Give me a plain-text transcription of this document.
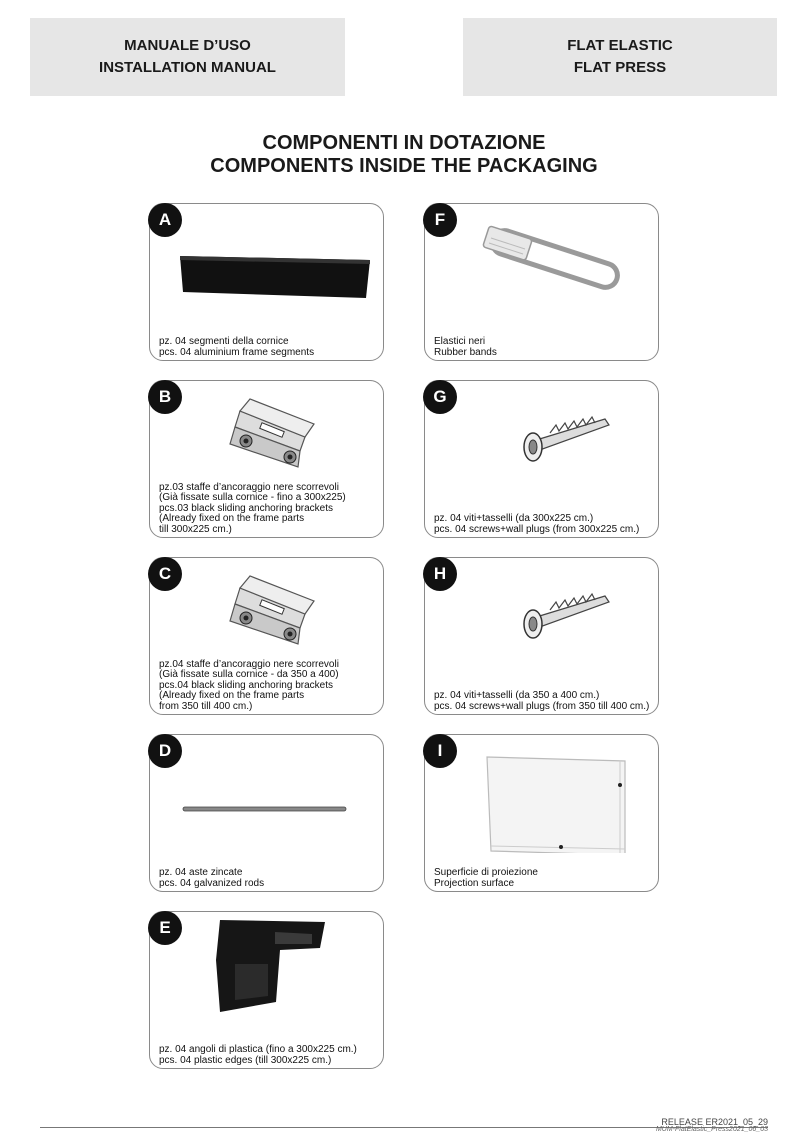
MANUALE D’USO
INSTALLATION MANUAL
FLAT ELASTIC
FLAT PRESS
COMPONENTI IN DOTAZIONE
COMPONENTS INSIDE THE PACKAGING
A
pz. 04 segmenti della cornice
pcs. 04 aluminium frame segments
F
Elastici neri
Rubber bands
B
pz.03 staffe d’ancoraggio nere scorrevoli
(Già fissate sulla cornice - fino a 300x225)
pcs.03 black sliding anchoring brackets
(Already fixed on the frame parts
till 300x225 cm.)
G
pz. 04 viti+tasselli (da 300x225 cm.)
pcs. 04 screws+wall plugs (from 300x225 cm.)
C
pz.04 staffe d’ancoraggio nere scorrevoli
(Già fissate sulla cornice - da 350 a 400)
pcs.04 black sliding anchoring brackets
(Already fixed on the frame parts
from 350 till 400 cm.)
H
pz. 04 viti+tasselli (da 350 a 400 cm.)
pcs. 04 screws+wall plugs (from 350 till 400 cm.)
D
pz. 04 aste zincate
pcs. 04 galvanized rods
I
Superficie di proiezione
Projection surface
E
pz. 04 angoli di plastica (fino a 300x225 cm.)
pcs. 04 plastic edges (till 300x225 cm.)
RELEASE ER2021_05_29
MUM-FlatElastic_Press2021_06_03
